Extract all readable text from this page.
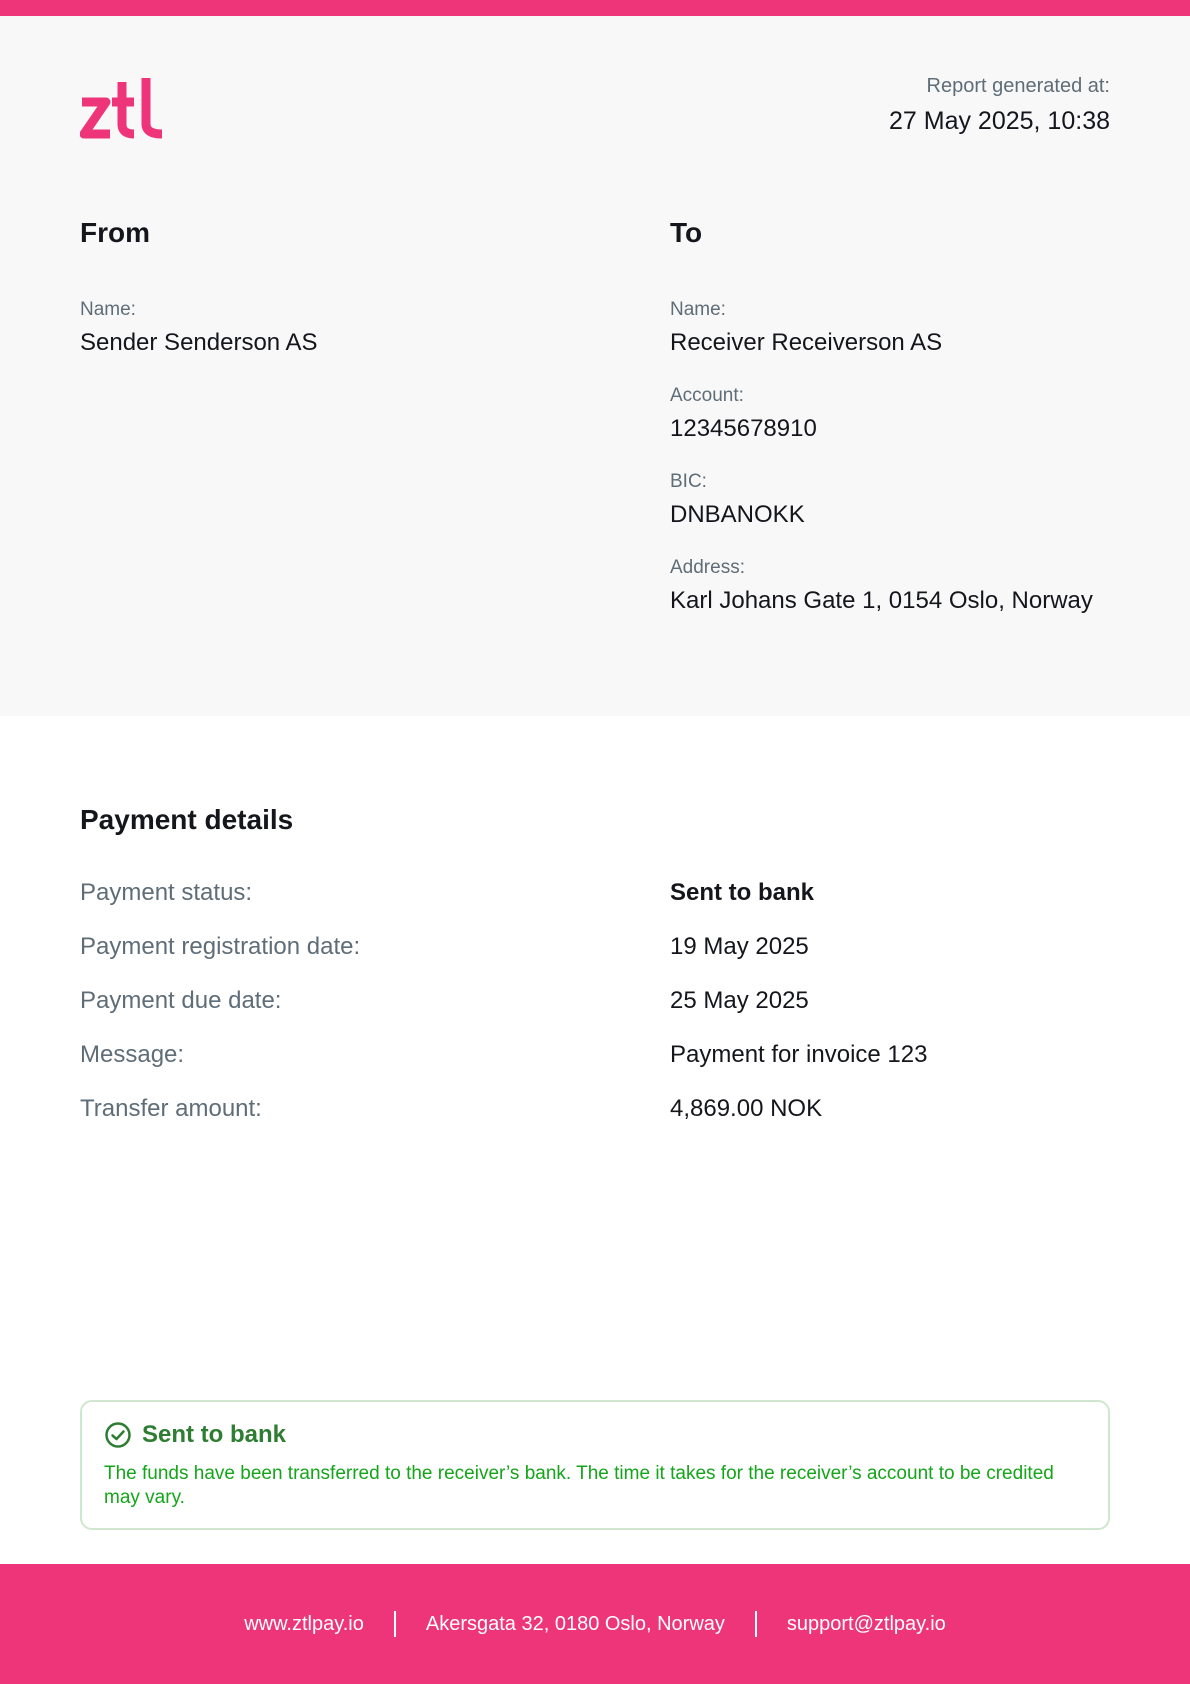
Report generated at:
27 May 2025, 10:38
From
Name:
Sender Senderson AS
To
Name:
Receiver Receiverson AS
Account:
12345678910
BIC:
DNBANOKK
Address:
Karl Johans Gate 1, 0154 Oslo, Norway
Payment details
Payment status:	Sent to bank
Payment registration date:	19 May 2025
Payment due date:	25 May 2025
Message:	Payment for invoice 123
Transfer amount:	4,869.00 NOK
Sent to bank
The funds have been transferred to the receiver’s bank. The time it takes for the receiver’s account to be credited may vary.
www.ztlpay.io	Akersgata 32, 0180 Oslo, Norway	support@ztlpay.io
